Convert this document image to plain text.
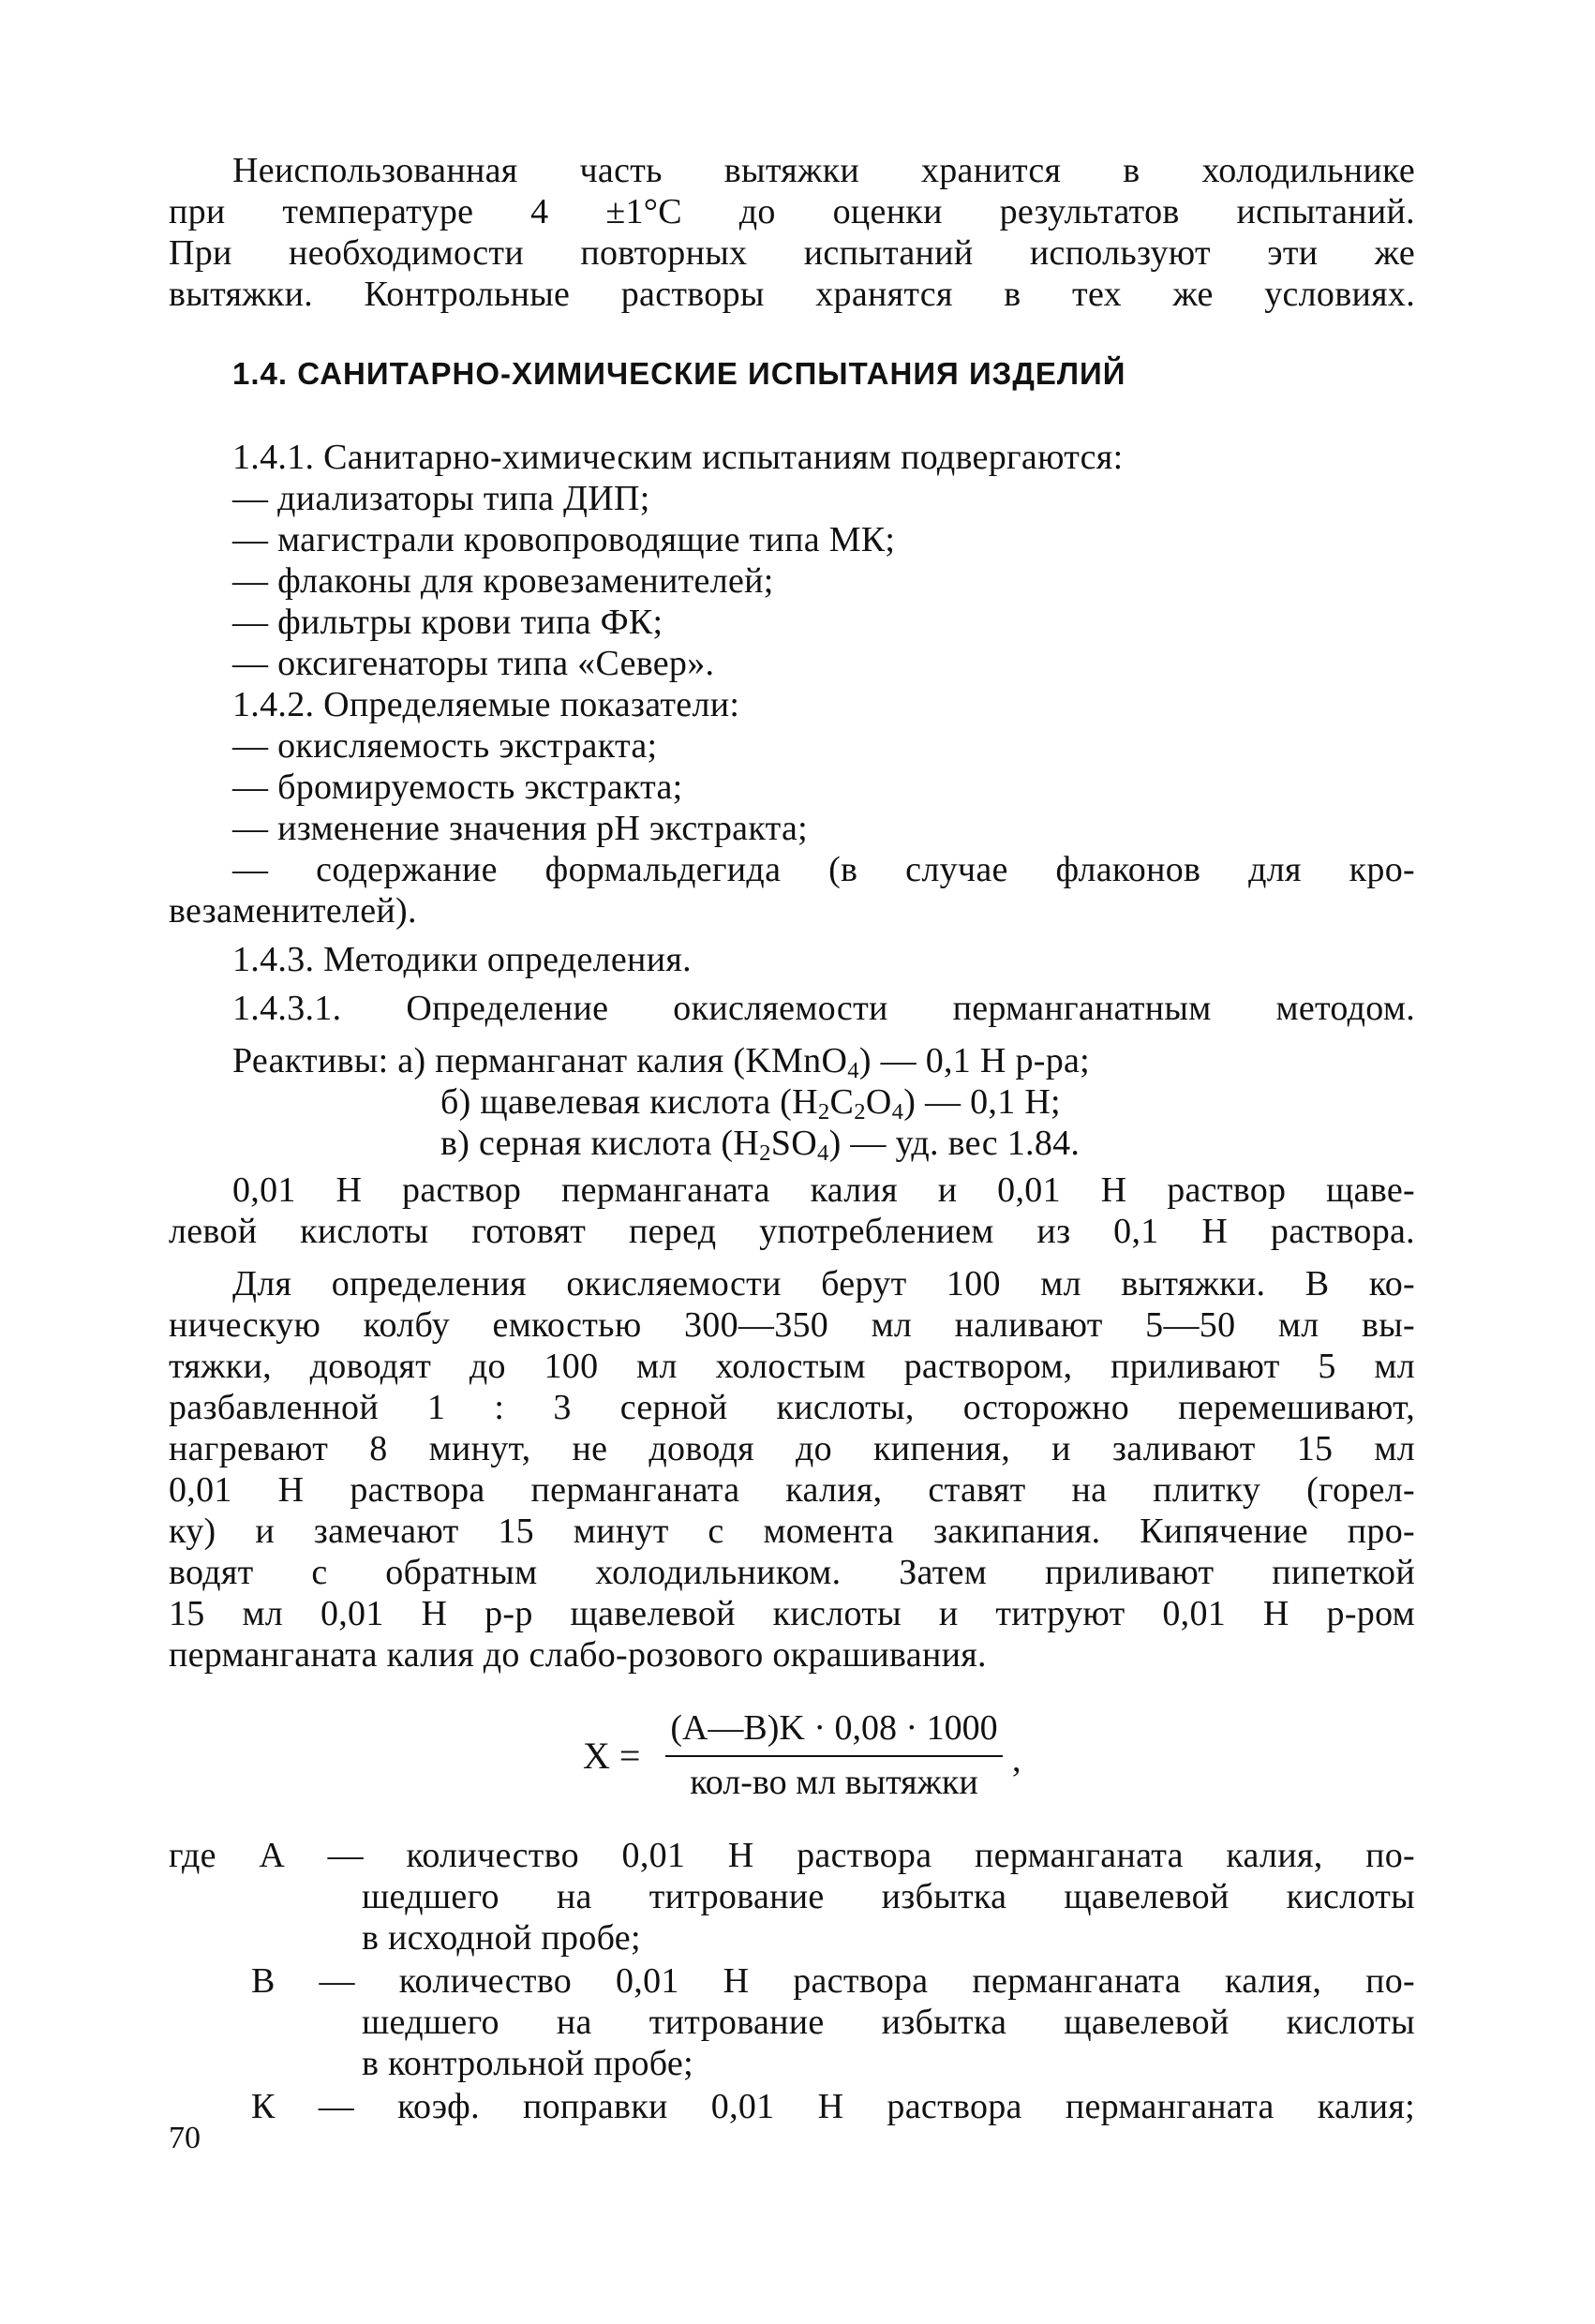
Неиспользованная часть вытяжки хранится в холодильнике
при температуре 4 ±1°С до оценки результатов испытаний.
При необходимости повторных испытаний используют эти же
вытяжки. Контрольные растворы хранятся в тех же условиях.
1.4. САНИТАРНО-ХИМИЧЕСКИЕ ИСПЫТАНИЯ ИЗДЕЛИЙ
1.4.1. Санитарно-химическим испытаниям подвергаются:
— диализаторы типа ДИП;
— магистрали кровопроводящие типа МК;
— флаконы для кровезаменителей;
— фильтры крови типа ФК;
— оксигенаторы типа «Север».
1.4.2. Определяемые показатели:
— окисляемость экстракта;
— бромируемость экстракта;
— изменение значения pH экстракта;
— содержание формальдегида (в случае флаконов для кро-
везаменителей).
1.4.3. Методики определения.
1.4.3.1. Определение окисляемости перманганатным методом.
Реактивы: а) перманганат калия (KMnO$_4$) — 0,1 Н р-ра;
б) щавелевая кислота $(H_2C_2O_4)$ — 0,1 Н;
в) серная кислота $(H_2SO_4)$ — уд. вес 1.84.
0,01 Н раствор перманганата калия и 0,01 Н раствор щаве-
левой кислоты готовят перед употреблением из 0,1 Н раствора.
Для определения окисляемости берут 100 мл вытяжки. В ко-
ническую колбу емкостью 300—350 мл наливают 5—50 мл вы-
тяжки, доводят до 100 мл холостым раствором, приливают 5 мл
разбавленной 1 : 3 серной кислоты, осторожно перемешивают,
нагревают 8 минут, не доводя до кипения, и заливают 15 мл
0,01 Н раствора перманганата калия, ставят на плитку (горел-
ку) и замечают 15 минут с момента закипания. Кипячение про-
водят с обратным холодильником. Затем приливают пипеткой
15 мл 0,01 Н р-р щавелевой кислоты и титруют 0,01 Н р-ром
перманганата калия до слабо-розового окрашивания.
X =
(A—B)K · 0,08 · 1000
кол-во мл вытяжки
,
где А — количество 0,01 Н раствора перманганата калия, по-
шедшего на титрование избытка щавелевой кислоты
в исходной пробе;
В — количество 0,01 Н раствора перманганата калия, по-
шедшего на титрование избытка щавелевой кислоты
в контрольной пробе;
К — коэф. поправки 0,01 Н раствора перманганата калия;
70
